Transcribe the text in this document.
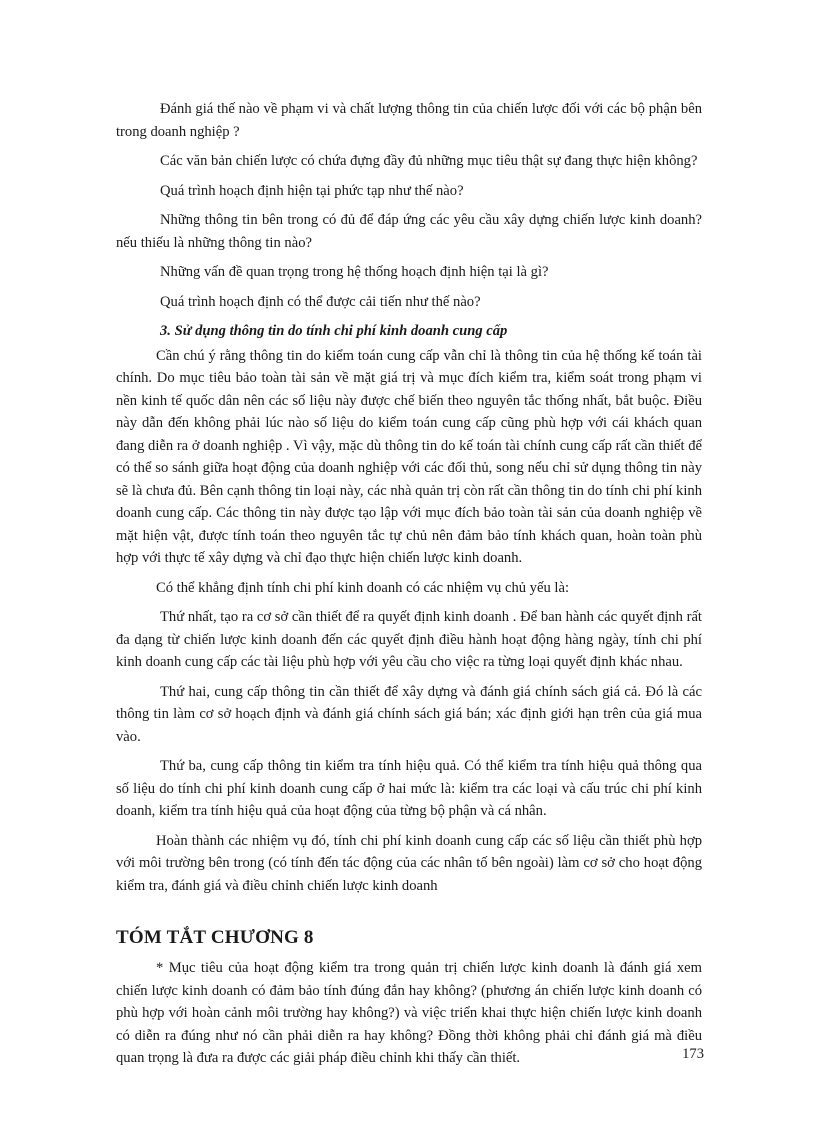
Đánh giá thế nào về phạm vi và chất lượng thông tin của chiến lược đối với các bộ phận bên trong doanh nghiệp ?

Các văn bản chiến lược có chứa đựng đầy đủ những mục tiêu thật sự đang thực hiện không?

Quá trình hoạch định hiện tại phức tạp như thế nào?

Những thông tin bên trong có đủ để đáp ứng các yêu cầu xây dựng chiến lược kinh doanh? nếu thiếu là những thông tin nào?

Những vấn đề quan trọng trong hệ thống hoạch định hiện tại là gì?

Quá trình hoạch định có thể được cải tiến như thế nào?

3. Sử dụng thông tin do tính chi phí kinh doanh cung cấp

Cần chú ý rằng thông tin do kiểm toán cung cấp vẫn chỉ là thông tin của hệ thống kế toán tài chính. Do mục tiêu bảo toàn tài sản về mặt giá trị và mục đích kiểm tra, kiểm soát trong phạm vi nền kinh tế quốc dân nên các số liệu này được chế biến theo nguyên tắc thống nhất, bắt buộc. Điều này dẫn đến không phải lúc nào số liệu do kiểm toán cung cấp cũng phù hợp với cái khách quan đang diễn ra ở doanh nghiệp . Vì vậy, mặc dù thông tin do kế toán tài chính cung cấp rất cần thiết để có thể so sánh giữa hoạt động của doanh nghiệp với các đối thủ, song nếu chỉ sử dụng thông tin này sẽ là chưa đủ. Bên cạnh thông tin loại này, các nhà quản trị còn rất cần thông tin do tính chi phí kinh doanh cung cấp. Các thông tin này được tạo lập với mục đích bảo toàn tài sản của doanh nghiệp về mặt hiện vật, được tính toán theo nguyên tắc tự chủ nên đảm bảo tính khách quan, hoàn toàn phù hợp với thực tế xây dựng và chỉ đạo thực hiện chiến lược kinh doanh.

Có thể khẳng định tính chi phí kinh doanh có các nhiệm vụ chủ yếu là:

Thứ nhất, tạo ra cơ sở cần thiết để ra quyết định kinh doanh . Để ban hành các quyết định rất đa dạng từ chiến lược kinh doanh đến các quyết định điều hành hoạt động hàng ngày, tính chi phí kinh doanh cung cấp các tài liệu phù hợp với yêu cầu cho việc ra từng loại quyết định khác nhau.

Thứ hai, cung cấp thông tin cần thiết để xây dựng và đánh giá chính sách giá cả. Đó là các thông tin làm cơ sở hoạch định và đánh giá chính sách giá bán; xác định giới hạn trên của giá mua vào.

Thứ ba, cung cấp thông tin kiểm tra tính hiệu quả. Có thể kiểm tra tính hiệu quả thông qua số liệu do tính chi phí kinh doanh cung cấp ở hai mức là: kiểm tra các loại và cấu trúc chi phí kinh doanh, kiểm tra tính hiệu quả của hoạt động của từng bộ phận và cá nhân.

Hoàn thành các nhiệm vụ đó, tính chi phí kinh doanh cung cấp các số liệu cần thiết phù hợp với môi trường bên trong (có tính đến tác động của các nhân tố bên ngoài) làm cơ sở cho hoạt động kiểm tra, đánh giá và điều chỉnh chiến lược kinh doanh

TÓM TẮT CHƯƠNG 8

* Mục tiêu của hoạt động kiểm tra trong quản trị chiến lược kinh doanh là đánh giá xem chiến lược kinh doanh có đảm bảo tính đúng đắn hay không? (phương án chiến lược kinh doanh có phù hợp với hoàn cảnh môi trường hay không?) và việc triển khai thực hiện chiến lược kinh doanh có diễn ra đúng như nó cần phải diễn ra hay không? Đồng thời không phải chỉ đánh giá mà điều quan trọng là đưa ra được các giải pháp điều chỉnh khi thấy cần thiết.	173
